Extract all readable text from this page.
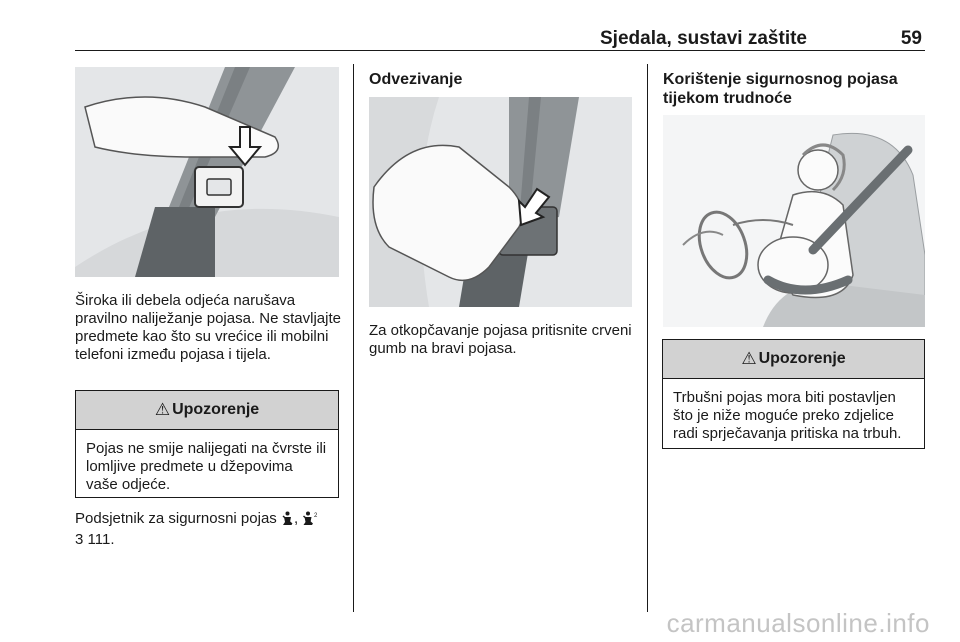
Sjedala, sustavi zaštite	59

Široka ili debela odjeća narušava pravilno naliježanje pojasa. Ne stavljajte predmete kao što su vrećice ili mobilni telefoni između pojasa i tijela.

⚠ Upozorenje
Pojas ne smije nalijegati na čvrste ili lomljive predmete u džepovima vaše odjeće.

Podsjetnik za sigurnosni pojas ,	2

3 111.

Odvezivanje

Za otkopčavanje pojasa pritisnite crveni gumb na bravi pojasa.

Korištenje sigurnosnog pojasa tijekom trudnoće
⚠ Upozorenje
Trbušni pojas mora biti postavljen što je niže moguće preko zdjelice radi sprječavanja pritiska na trbuh.
carmanualsonline.info
